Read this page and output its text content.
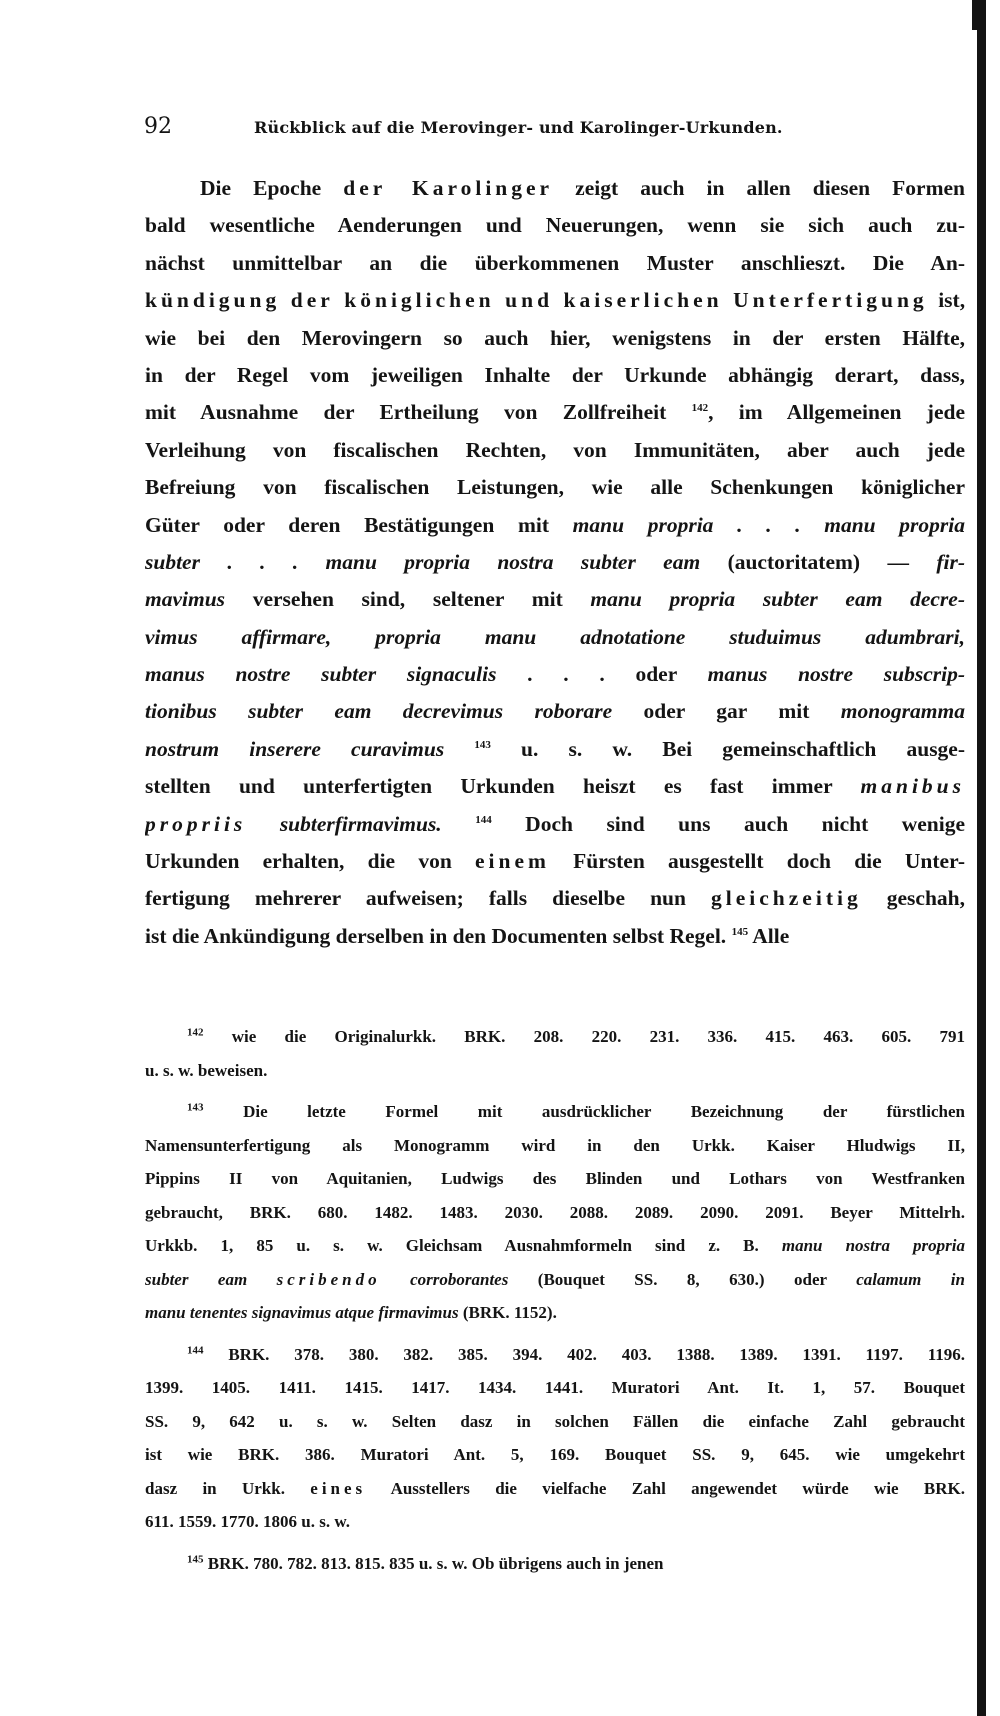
92	Rückblick auf die Merovinger- und Karolinger-Urkunden.
Die Epoche der Karolinger zeigt auch in allen diesen Formen
bald wesentliche Aenderungen und Neuerungen, wenn sie sich auch zu-
nächst unmittelbar an die überkommenen Muster anschlieszt. Die An-
kündigung der königlichen und kaiserlichen Unterfertigung ist,
wie bei den Merovingern so auch hier, wenigstens in der ersten Hälfte,
in der Regel vom jeweiligen Inhalte der Urkunde abhängig derart, dass,
mit Ausnahme der Ertheilung von Zollfreiheit $^{142}$, im Allgemeinen jede
Verleihung von fiscalischen Rechten, von Immunitäten, aber auch jede
Befreiung von fiscalischen Leistungen, wie alle Schenkungen königlicher
Güter oder deren Bestätigungen mit manu propria . . . manu propria
subter . . . manu propria nostra subter eam (auctoritatem) — fir-
mavimus versehen sind, seltener mit manu propria subter eam decre-
vimus affirmare, propria manu adnotatione studuimus adumbrari,
manus nostre subter signaculis . . . oder manus nostre subscrip-
tionibus subter eam decrevimus roborare oder gar mit monogramma
nostrum inserere curavimus	$^{143}$ u. s. w. Bei gemeinschaftlich ausge-
stellten und unterfertigten Urkunden heiszt es fast immer manibus
propriis subterfirmavimus.	$^{144}$ Doch sind uns auch nicht wenige
Urkunden erhalten, die von einem Fürsten ausgestellt doch die Unter-
fertigung mehrerer aufweisen; falls dieselbe nun gleichzeitig geschah,
ist die Ankündigung derselben in den Documenten selbst Regel. $^{145}$ Alle
$^{142}$ wie die Originalurkk. BRK. 208. 220. 231. 336. 415. 463. 605. 791
u. s. w. beweisen.
$^{143}$ Die letzte Formel mit ausdrücklicher Bezeichnung der fürstlichen
Namensunterfertigung als Monogramm wird in den Urkk. Kaiser Hludwigs II,
Pippins II von Aquitanien, Ludwigs des Blinden und Lothars von Westfranken
gebraucht, BRK. 680. 1482. 1483. 2030. 2088. 2089. 2090. 2091. Beyer Mittelrh.
Urkkb. 1, 85 u. s. w. Gleichsam Ausnahmformeln sind z. B. manu nostra propria
subter eam scribendo corroborantes (Bouquet SS. 8, 630.) oder calamum in
manu tenentes signavimus atque firmavimus (BRK. 1152).
$^{144}$ BRK. 378. 380. 382. 385. 394. 402. 403. 1388. 1389. 1391. 1197. 1196.
1399. 1405. 1411. 1415. 1417. 1434. 1441. Muratori Ant. It. 1, 57. Bouquet
SS. 9, 642 u. s. w. Selten dasz in solchen Fällen die einfache Zahl gebraucht
ist wie BRK. 386. Muratori Ant. 5, 169. Bouquet SS. 9, 645. wie umgekehrt
dasz in Urkk. eines Ausstellers die vielfache Zahl angewendet würde wie BRK.
611. 1559. 1770. 1806 u. s. w.
$^{145}$ BRK. 780. 782. 813. 815. 835 u. s. w. Ob übrigens auch in jenen
